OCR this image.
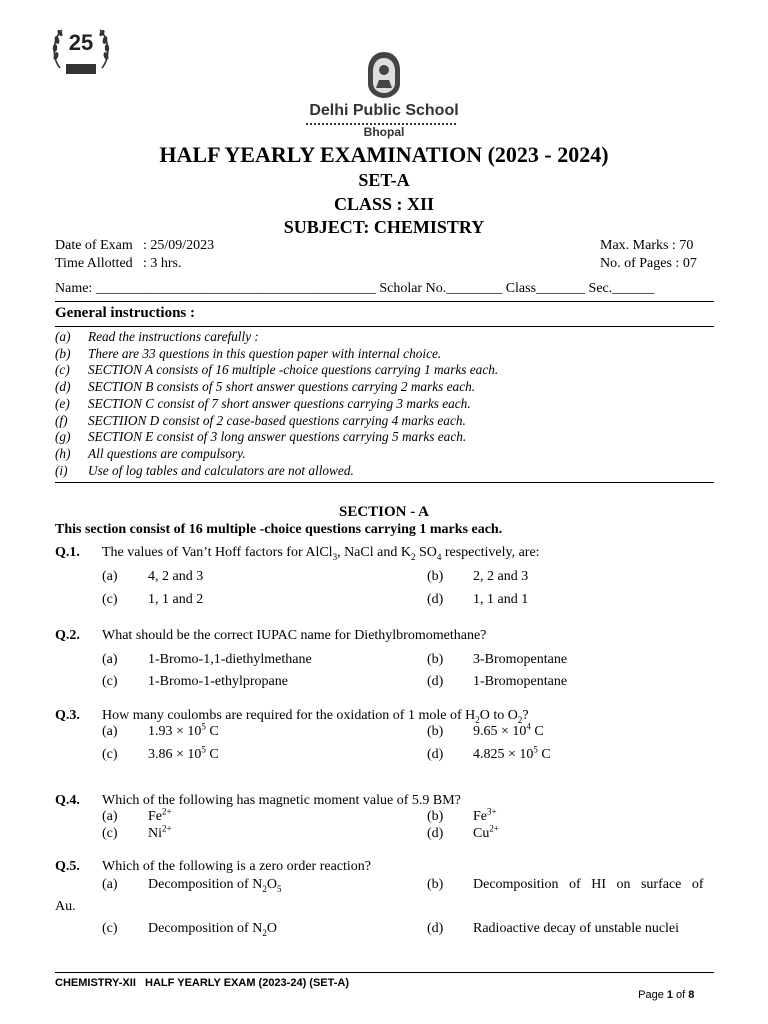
25
Delhi Public School
Bhopal
HALF YEARLY EXAMINATION (2023 - 2024)
SET-A
CLASS : XII
SUBJECT: CHEMISTRY
Date of Exam : 25/09/2023
Time Allotted : 3 hrs.
Max. Marks : 70
No. of Pages : 07
Name: ________________________________________ Scholar No.________ Class_______ Sec.______
General instructions :
(a) Read the instructions carefully :
(b) There are 33 questions in this question paper with internal choice.
(c) SECTION A consists of 16 multiple -choice questions carrying 1 marks each.
(d) SECTION B consists of 5 short answer questions carrying 2 marks each.
(e) SECTION C consist of 7 short answer questions carrying 3 marks each.
(f) SECTIION D consist of 2 case-based questions carrying 4 marks each.
(g) SECTION E consist of 3 long answer questions carrying 5 marks each.
(h) All questions are compulsory.
(i) Use of log tables and calculators are not allowed.
SECTION - A
This section consist of 16 multiple -choice questions carrying 1 marks each.
Q.1. The values of Van’t Hoff factors for AlCl$_3$, NaCl and $K_2$ $SO_4$ respectively, are:
(a) 4, 2 and 3	(b) 2, 2 and 3
(c) 1, 1 and 2	(d) 1, 1 and 1
Q.2. What should be the correct IUPAC name for Diethylbromomethane?
(a) 1-Bromo-1,1-diethylmethane	(b) 3-Bromopentane
(c) 1-Bromo-1-ethylpropane	(d) 1-Bromopentane
Q.3. How many coulombs are required for the oxidation of 1 mole of $H_2O$ to $O_2$?
(a) $1.93 \times 10^5$ C	(b) $9.65 \times 10^4$ C
(c) $3.86 \times 10^5$ C	(d) $4.825 \times 10^5$ C
Q.4. Which of the following has magnetic moment value of 5.9 BM?
(a) $Fe^{2+}$	(b) $Fe^{3+}$
(c) $Ni^{2+}$	(d) $Cu^{2+}$
Q.5. Which of the following is a zero order reaction?
(a) Decomposition of $N_2O_5$	(b) Decomposition   of   HI   on   surface   of
Au.
(c) Decomposition of $N_2O$	(d) Radioactive decay of unstable nuclei
CHEMISTRY-XII   HALF YEARLY EXAM (2023-24) (SET-A)

Page 1 of 8
